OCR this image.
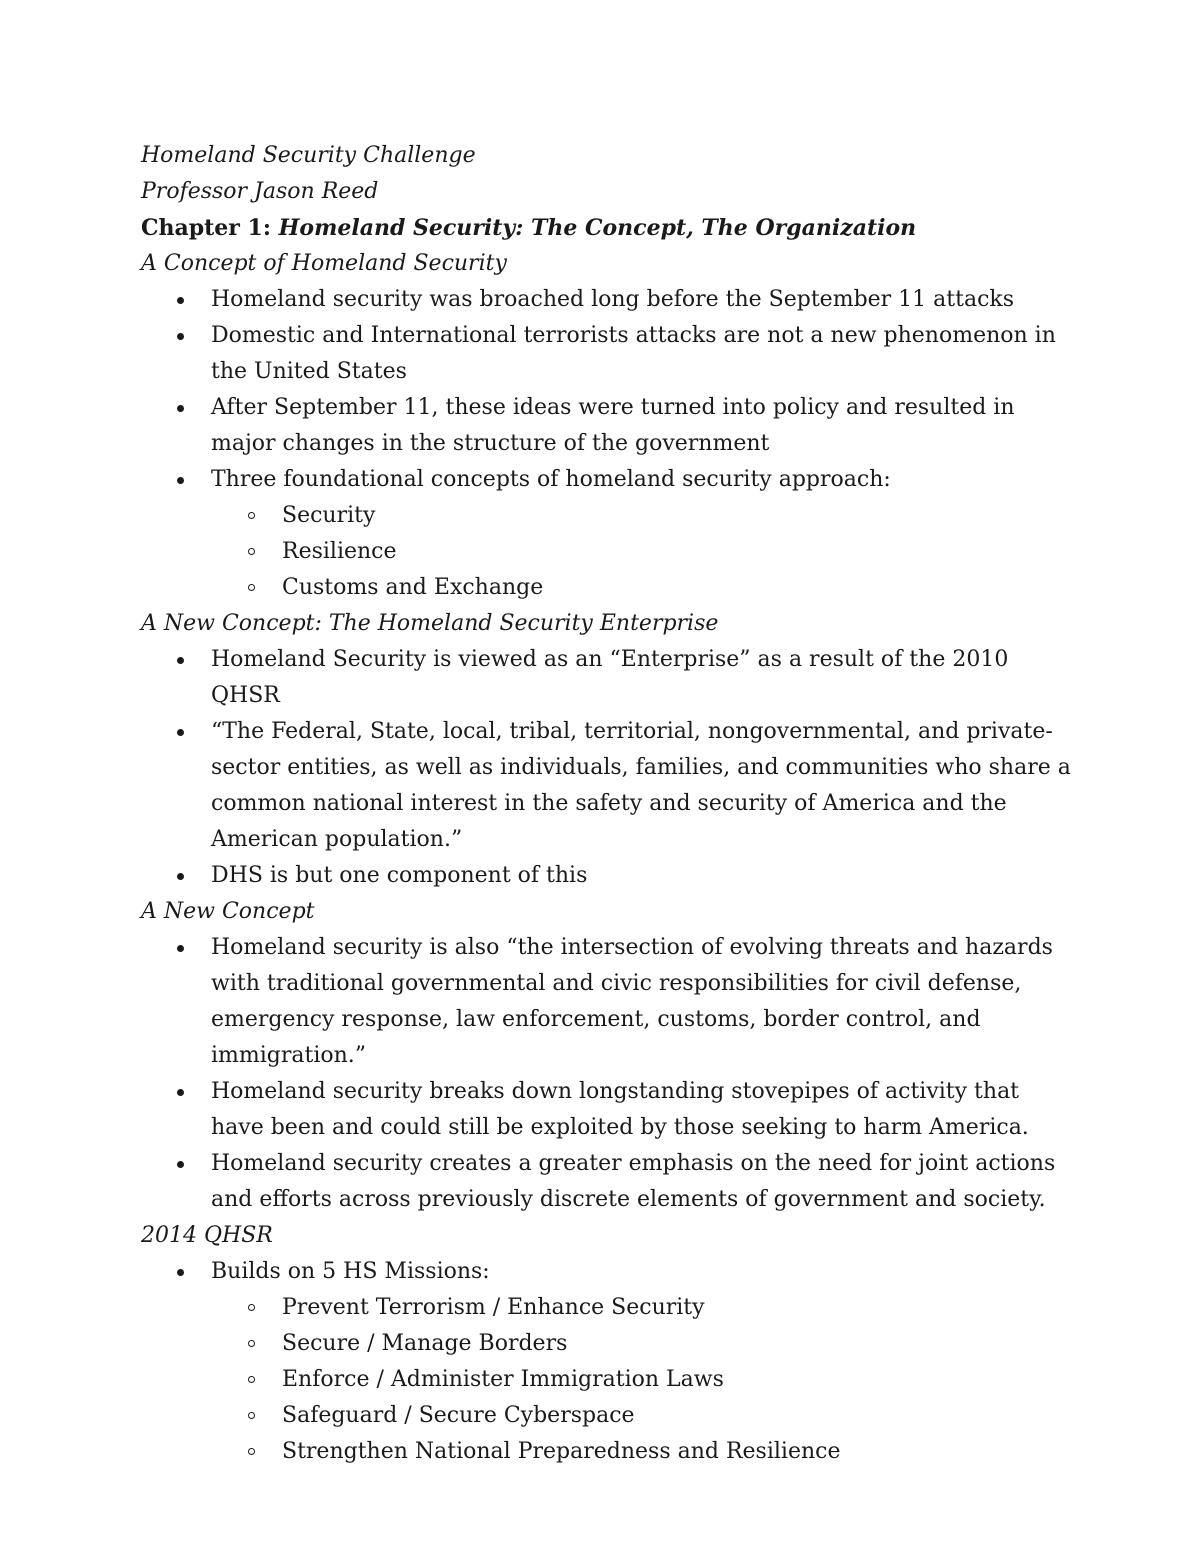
Homeland Security Challenge

Professor Jason Reed

Chapter 1: Homeland Security: The Concept, The Organization

A Concept of Homeland Security

Homeland security was broached long before the September 11 attacks
Domestic and International terrorists attacks are not a new phenomenon in the United States
After September 11, these ideas were turned into policy and resulted in major changes in the structure of the government
Three foundational concepts of homeland security approach:
Security
Resilience
Customs and Exchange

A New Concept: The Homeland Security Enterprise

Homeland Security is viewed as an “Enterprise” as a result of the 2010 QHSR
“The Federal, State, local, tribal, territorial, nongovernmental, and private-sector entities, as well as individuals, families, and communities who share a common national interest in the safety and security of America and the American population.”
DHS is but one component of this

A New Concept

Homeland security is also “the intersection of evolving threats and hazards with traditional governmental and civic responsibilities for civil defense, emergency response, law enforcement, customs, border control, and immigration.”
Homeland security breaks down longstanding stovepipes of activity that have been and could still be exploited by those seeking to harm America.
Homeland security creates a greater emphasis on the need for joint actions and efforts across previously discrete elements of government and society.

2014 QHSR

Builds on 5 HS Missions:
Prevent Terrorism / Enhance Security
Secure / Manage Borders
Enforce / Administer Immigration Laws
Safeguard / Secure Cyberspace
Strengthen National Preparedness and Resilience
